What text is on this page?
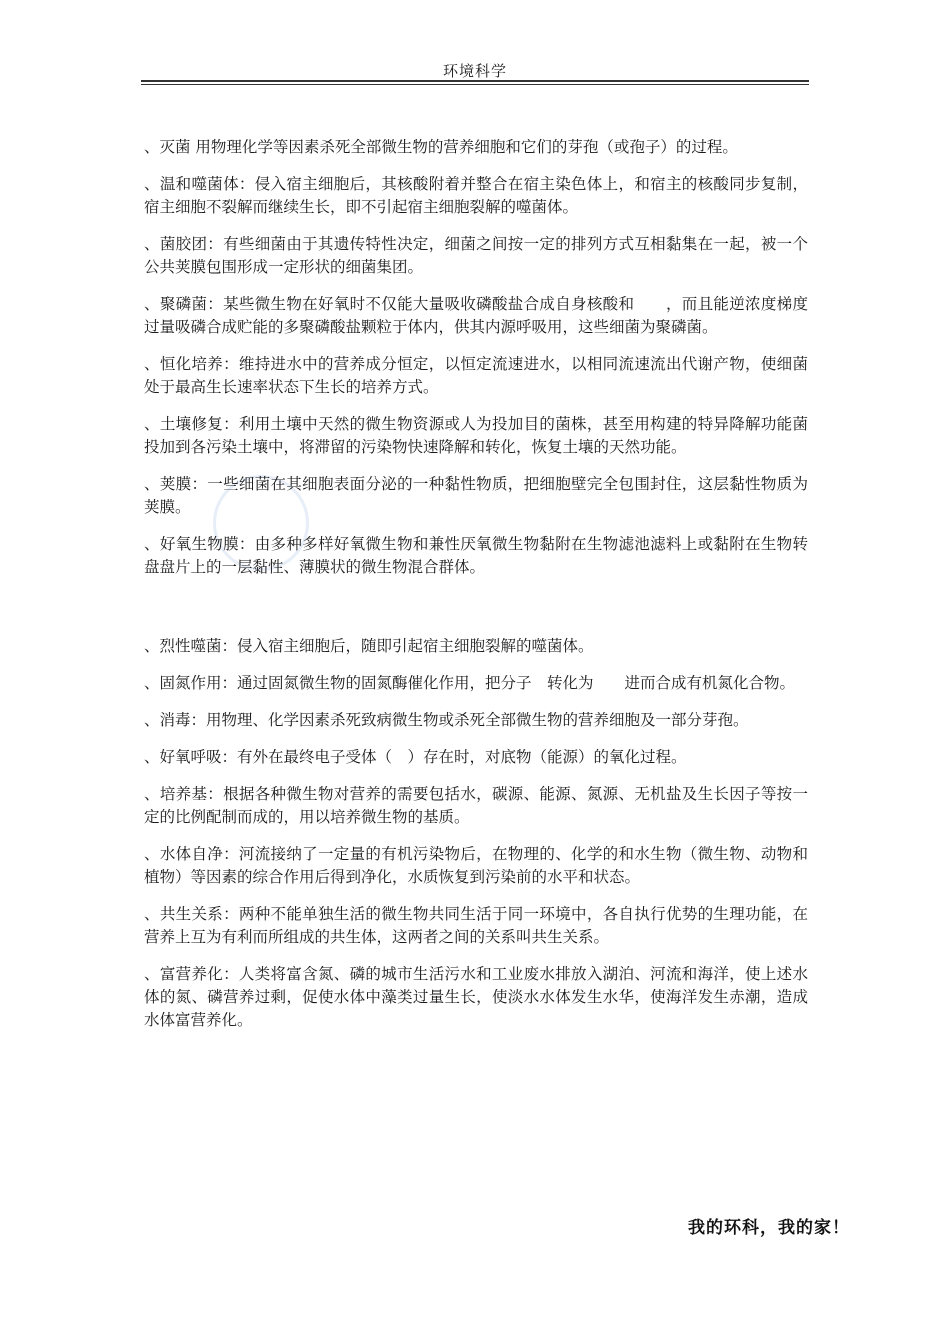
环境科学

、灭菌 用物理化学等因素杀死全部微生物的营养细胞和它们的芽孢（或孢子）的过程。

、温和噬菌体：侵入宿主细胞后，其核酸附着并整合在宿主染色体上，和宿主的核酸同步复制，宿主细胞不裂解而继续生长，即不引起宿主细胞裂解的噬菌体。

、菌胶团：有些细菌由于其遗传特性决定，细菌之间按一定的排列方式互相黏集在一起，被一个公共荚膜包围形成一定形状的细菌集团。

、聚磷菌：某些微生物在好氧时不仅能大量吸收磷酸盐合成自身核酸和　　，而且能逆浓度梯度过量吸磷合成贮能的多聚磷酸盐颗粒于体内，供其内源呼吸用，这些细菌为聚磷菌。

、恒化培养：维持进水中的营养成分恒定，以恒定流速进水，以相同流速流出代谢产物，使细菌处于最高生长速率状态下生长的培养方式。

、土壤修复：利用土壤中天然的微生物资源或人为投加目的菌株，甚至用构建的特异降解功能菌投加到各污染土壤中，将滞留的污染物快速降解和转化，恢复土壤的天然功能。

、荚膜：一些细菌在其细胞表面分泌的一种黏性物质，把细胞壁完全包围封住，这层黏性物质为荚膜。

、好氧生物膜：由多种多样好氧微生物和兼性厌氧微生物黏附在生物滤池滤料上或黏附在生物转盘盘片上的一层黏性、薄膜状的微生物混合群体。

、烈性噬菌：侵入宿主细胞后，随即引起宿主细胞裂解的噬菌体。

、固氮作用：通过固氮微生物的固氮酶催化作用，把分子　转化为　　进而合成有机氮化合物。

、消毒：用物理、化学因素杀死致病微生物或杀死全部微生物的营养细胞及一部分芽孢。

、好氧呼吸：有外在最终电子受体（　）存在时，对底物（能源）的氧化过程。

、培养基：根据各种微生物对营养的需要包括水，碳源、能源、氮源、无机盐及生长因子等按一定的比例配制而成的，用以培养微生物的基质。

、水体自净：河流接纳了一定量的有机污染物后，在物理的、化学的和水生物（微生物、动物和植物）等因素的综合作用后得到净化，水质恢复到污染前的水平和状态。

、共生关系：两种不能单独生活的微生物共同生活于同一环境中，各自执行优势的生理功能，在营养上互为有利而所组成的共生体，这两者之间的关系叫共生关系。

、富营养化：人类将富含氮、磷的城市生活污水和工业废水排放入湖泊、河流和海洋，使上述水体的氮、磷营养过剩，促使水体中藻类过量生长，使淡水水体发生水华，使海洋发生赤潮，造成水体富营养化。

我的环科，我的家！
